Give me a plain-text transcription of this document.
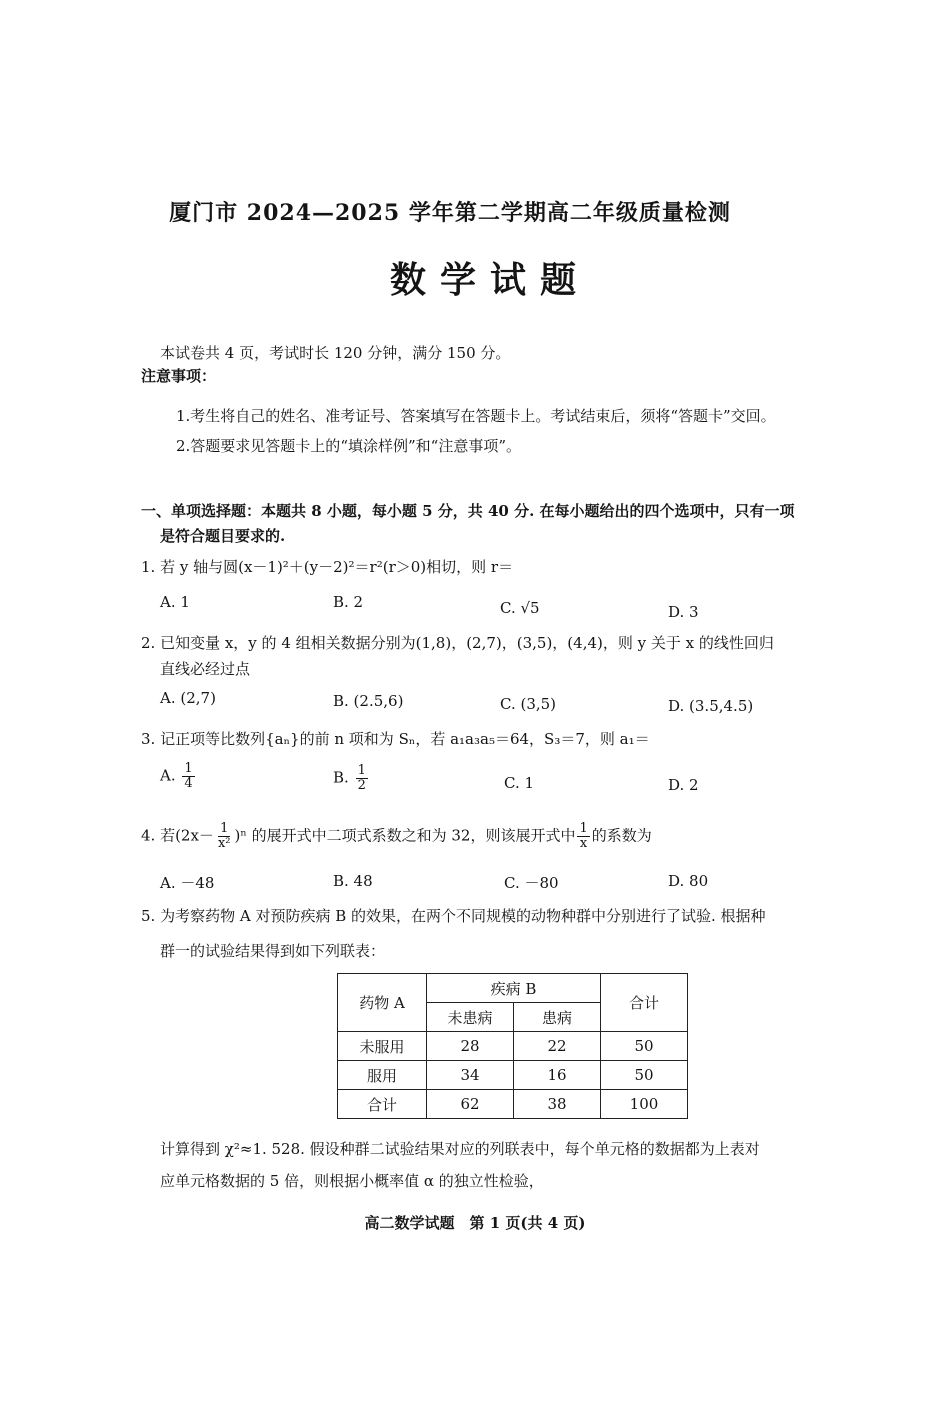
厦门市 2024—2025 学年第二学期高二年级质量检测
数学试题
本试卷共 4 页，考试时长 120 分钟，满分 150 分。
注意事项：
1.考生将自己的姓名、准考证号、答案填写在答题卡上。考试结束后，须将“答题卡”交回。
2.答题要求见答题卡上的“填涂样例”和“注意事项”。
一、单项选择题：本题共 8 小题，每小题 5 分，共 40 分. 在每小题给出的四个选项中，只有一项
是符合题目要求的.
1. 若 y 轴与圆(x－1)²＋(y－2)²＝r²(r＞0)相切，则 r＝
A. 1	B. 2	C. √5	D. 3
2. 已知变量 x，y 的 4 组相关数据分别为(1,8)，(2,7)，(3,5)，(4,4)，则 y 关于 x 的线性回归
直线必经过点
A. (2,7)	B. (2.5,6)	C. (3,5)	D. (3.5,4.5)
3. 记正项等比数列{aₙ}的前 n 项和为 Sₙ，若 a₁a₃a₅＝64，S₃＝7，则 a₁＝
A. $\frac{1}{4}$	B. $\frac{1}{2}$	C. 1	D. 2
4. 若$(2x- \frac{1}{\text{x²}} )^n$ 的展开式中二项式系数之和为 32，则该展开式中 $\frac{1}{x}$ 的系数为
A. －48	B. 48	C. －80	D. 80
5. 为考察药物 A 对预防疾病 B 的效果，在两个不同规模的动物种群中分别进行了试验. 根据种
群一的试验结果得到如下列联表：
药物 A	疾病 B		合计
	未患病	患病	
未服用	28	22	50
服用	34	16	50
合计	62	38	100
计算得到 χ²≈1. 528. 假设种群二试验结果对应的列联表中，每个单元格的数据都为上表对
应单元格数据的 5 倍，则根据小概率值 α 的独立性检验，
高二数学试题　第 1 页(共 4 页)
